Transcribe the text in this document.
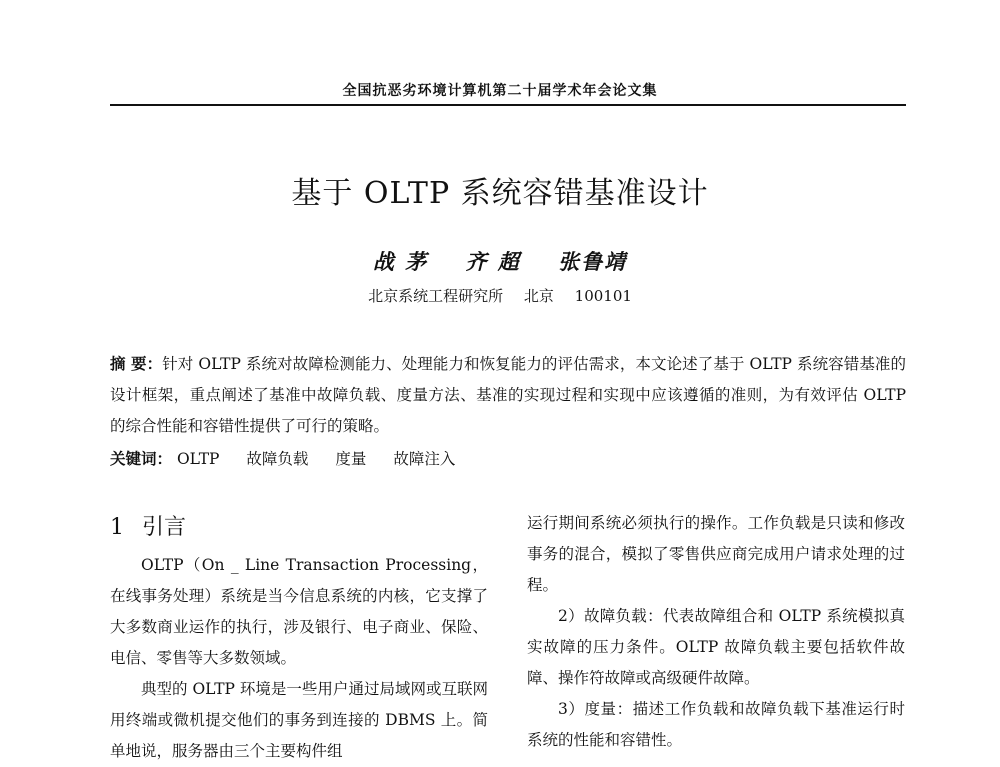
全国抗恶劣环境计算机第二十届学术年会论文集
基于 OLTP 系统容错基准设计
战 茅 齐 超 张鲁靖
北京系统工程研究所 北京 100101
摘 要：针对 OLTP 系统对故障检测能力、处理能力和恢复能力的评估需求，本文论述了基于 OLTP 系统容错基准的设计框架，重点阐述了基准中故障负载、度量方法、基准的实现过程和实现中应该遵循的准则，为有效评估 OLTP 的综合性能和容错性提供了可行的策略。
关键词： OLTP 故障负载 度量 故障注入
1 引言

OLTP（On _ Line Transaction Processing，在线事务处理）系统是当今信息系统的内核，它支撑了大多数商业运作的执行，涉及银行、电子商业、保险、电信、零售等大多数领域。

典型的 OLTP 环境是一些用户通过局域网或互联网用终端或微机提交他们的事务到连接的 DBMS 上。简单地说，服务器由三个主要构件组

运行期间系统必须执行的操作。工作负载是只读和修改事务的混合，模拟了零售供应商完成用户请求处理的过程。

2）故障负载：代表故障组合和 OLTP 系统模拟真实故障的压力条件。OLTP 故障负载主要包括软件故障、操作符故障或高级硬件故障。

3）度量：描述工作负载和故障负载下基准运行时系统的性能和容错性。
